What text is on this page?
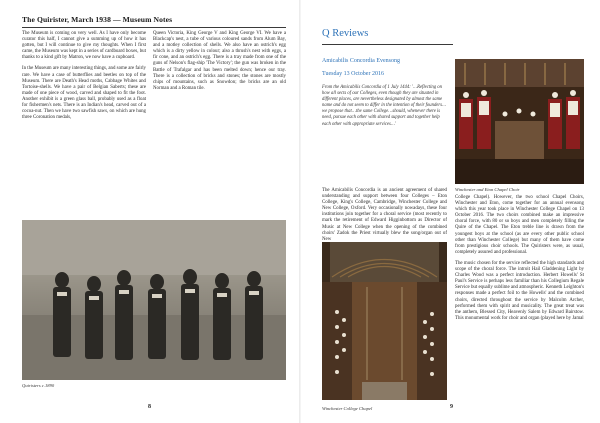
The Quirister, March 1938 — Museum Notes

The Museum is coming on very well. As I have only become curator this half, I cannot give a summing up of how it has gotten, but I will continue to give my thoughts. When I first came, the Museum was kept in a series of cardboard boxes, but thanks to a kind gift by Matron, we now have a cupboard.

In the Museum are many interesting things, and some are fairly rare. We have a case of butterflies and beetles on top of the Museum. There are Death's Head moths, Cabbage Whites and Tortoise-shells. We have a pair of Belgian Saberts; these are made of one piece of wood, carved and shaped to fit the foot. Another exhibit is a green glass ball, probably used as a float for fishermen's nets. There is an Indian's head, carved out of a cocoa-nut. Then we have two sawfish saws, on which are hung three Coronation medals,

Queen Victoria, King George V and King George VI. We have a Blackcap's nest, a tube of various coloured sands from Alum Bay, and a motley collection of shells. We also have an ostrich's egg which is a dirty yellow in colour; also a thrush's nest with eggs, a fir cone, and an ostrich's egg. There is a tray made from one of the guns of Nelson's flag-ship 'The Victory'; the gun was broken in the Battle of Trafalgar and has been melted down; hence our tray. There is a collection of bricks and stones; the stones are mostly chips of mountains, such as Snowdon; the bricks are an old Norman and a Roman tile.

Quiristers c.1890
8
Q Reviews
Amicabilis Concordia Evensong
Tuesday 13 October 2016
From the Amicabilis Concordia of 1 July 1444: '…Reflecting on how all sects of our Colleges, even though they are situated in different places, are nevertheless designated by almost the same name and do not seem to differ in the intention of their founders…we propose that…the same College…should, whenever there is need, pursue each other with shared support and together help each other with appropriate services…'

The Amicabilis Concordia is an ancient agreement of shared understanding and support between four Colleges – Eton College, King's College, Cambridge, Winchester College and New College, Oxford. Very occasionally nowadays, these four institutions join together for a choral service (most recently to mark the retirement of Edward Higginbottom as Director of Music at New College when the opening of the combined choirs' Zadok the Priest virtually blew the song/organ out of New

Winchester College Chapel
Winchester and Eton Chapel Choir

College Chapel). However, the two school Chapel Choirs, Winchester and Eton, come together for an annual evensong which this year took place in Winchester College Chapel on 13 October 2016. The two choirs combined make an impressive choral force, with 80 or so boys and men completely filling the Quire of the Chapel. The Eton treble line is drawn from the youngest boys at the school (as are every other public school other than Winchester College) but many of them have come from prestigious choir schools. The Quiristers were, as usual, completely assured and professional.

The music chosen for the service reflected the high standards and scope of the choral force. The introit Hail Gladdening Light by Charles Wood was a perfect introduction. Herbert Howells' St Paul's Service is perhaps less familiar than his Collegium Regale Service but equally sublime and atmospheric. Kenneth Leighton's responses made a perfect foil to the Howells' and the combined choirs, directed throughout the service by Malcolm Archer, performed them with spirit and musicality. The great treat was the anthem, Blessed City, Heavenly Salem by Edward Bairstow. This monumental work for choir and organ (played here by Jamal

9
